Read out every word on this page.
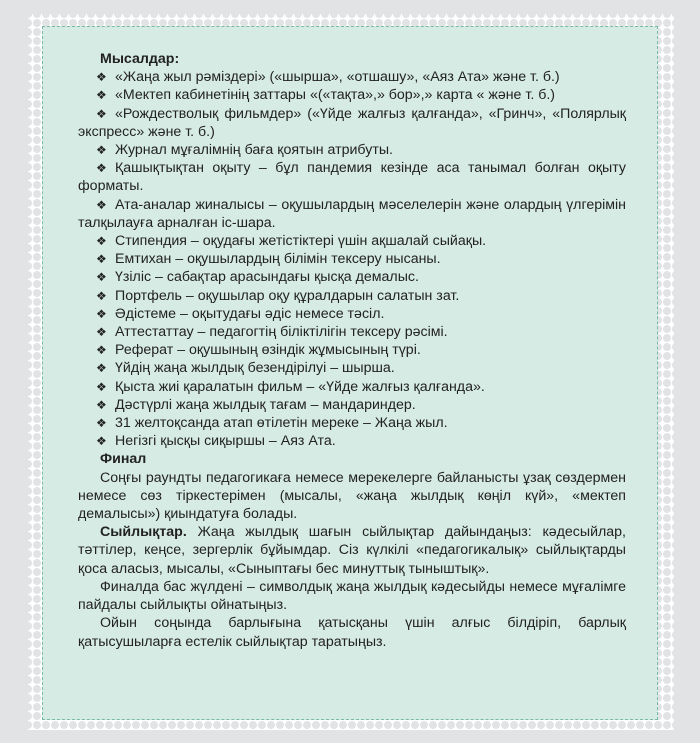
Мысалдар:

❖ «Жаңа жыл рәміздері» («шырша», «отшашу», «Аяз Ата» және т. б.)

❖ «Мектеп кабинетінің заттары «(«тақта»,» бор»,» карта « және т. б.)

❖ «Рождестволық фильмдер» («Үйде жалғыз қалғанда», «Гринч», «Полярлық экспресс» және т. б.)

❖ Журнал мұғалімнің баға қоятын атрибуты.

❖ Қашықтықтан оқыту – бұл пандемия кезінде аса танымал болған оқыту форматы.

❖ Ата-аналар жиналысы – оқушылардың мәселелерін және олардың үлгерімін талқылауға арналған іс-шара.

❖ Стипендия – оқудағы жетістіктері үшін ақшалай сыйақы.

❖ Емтихан – оқушылардың білімін тексеру нысаны.

❖ Үзіліс – сабақтар арасындағы қысқа демалыс.

❖ Портфель – оқушылар оқу құралдарын салатын зат.

❖ Әдістеме – оқытудағы әдіс немесе тәсіл.

❖ Аттестаттау – педагогтің біліктілігін тексеру рәсімі.

❖ Реферат – оқушының өзіндік жұмысының түрі.

❖ Үйдің жаңа жылдық безендірілуі – шырша.

❖ Қыста жиі қаралатын фильм – «Үйде жалғыз қалғанда».

❖ Дәстүрлі жаңа жылдық тағам – мандариндер.

❖ 31 желтоқсанда атап өтілетін мереке – Жаңа жыл.

❖ Негізгі қысқы сиқыршы – Аяз Ата.

Финал

Соңғы раундты педагогикаға немесе мерекелерге байланысты ұзақ сөздермен немесе сөз тіркестерімен (мысалы, «жаңа жылдық көңіл күй», «мектеп демалысы») қиындатуға болады.

Сыйлықтар. Жаңа жылдық шағын сыйлықтар дайындаңыз: кәдесыйлар, тәттілер, кеңсе, зергерлік бұйымдар. Сіз күлкілі «педагогикалық» сыйлықтарды қоса аласыз, мысалы, «Сыныптағы бес минуттық тыныштық».

Финалда бас жүлдені – символдық жаңа жылдық кәдесыйды немесе мұғалімге пайдалы сыйлықты ойнатыңыз.

Ойын соңында барлығына қатысқаны үшін алғыс білдіріп, барлық қатысушыларға естелік сыйлықтар таратыңыз.
